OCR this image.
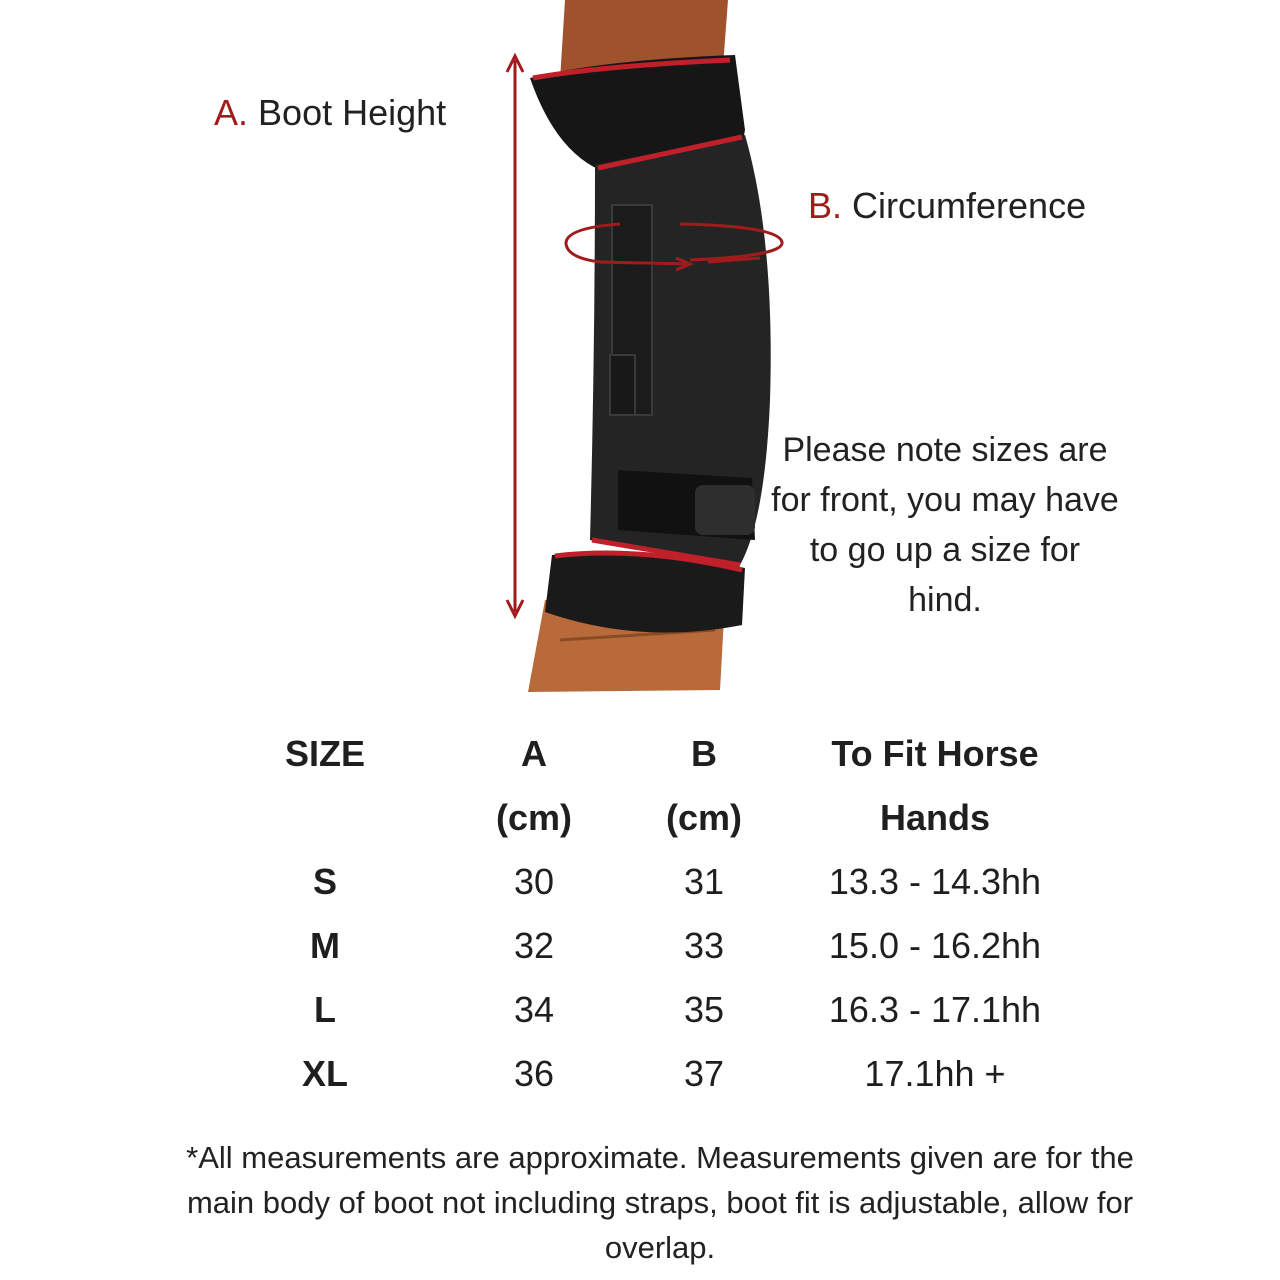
A. Boot Height
B. Circumference
Please note sizes are for front, you may have to go up a size for hind.
SIZE	A	B	To Fit Horse
	(cm)	(cm)	Hands
S	30	31	13.3 - 14.3hh
M	32	33	15.0 - 16.2hh
L	34	35	16.3 - 17.1hh
XL	36	37	17.1hh +
*All measurements are approximate. Measurements given are for the main body of boot not including straps, boot fit is adjustable, allow for overlap.
